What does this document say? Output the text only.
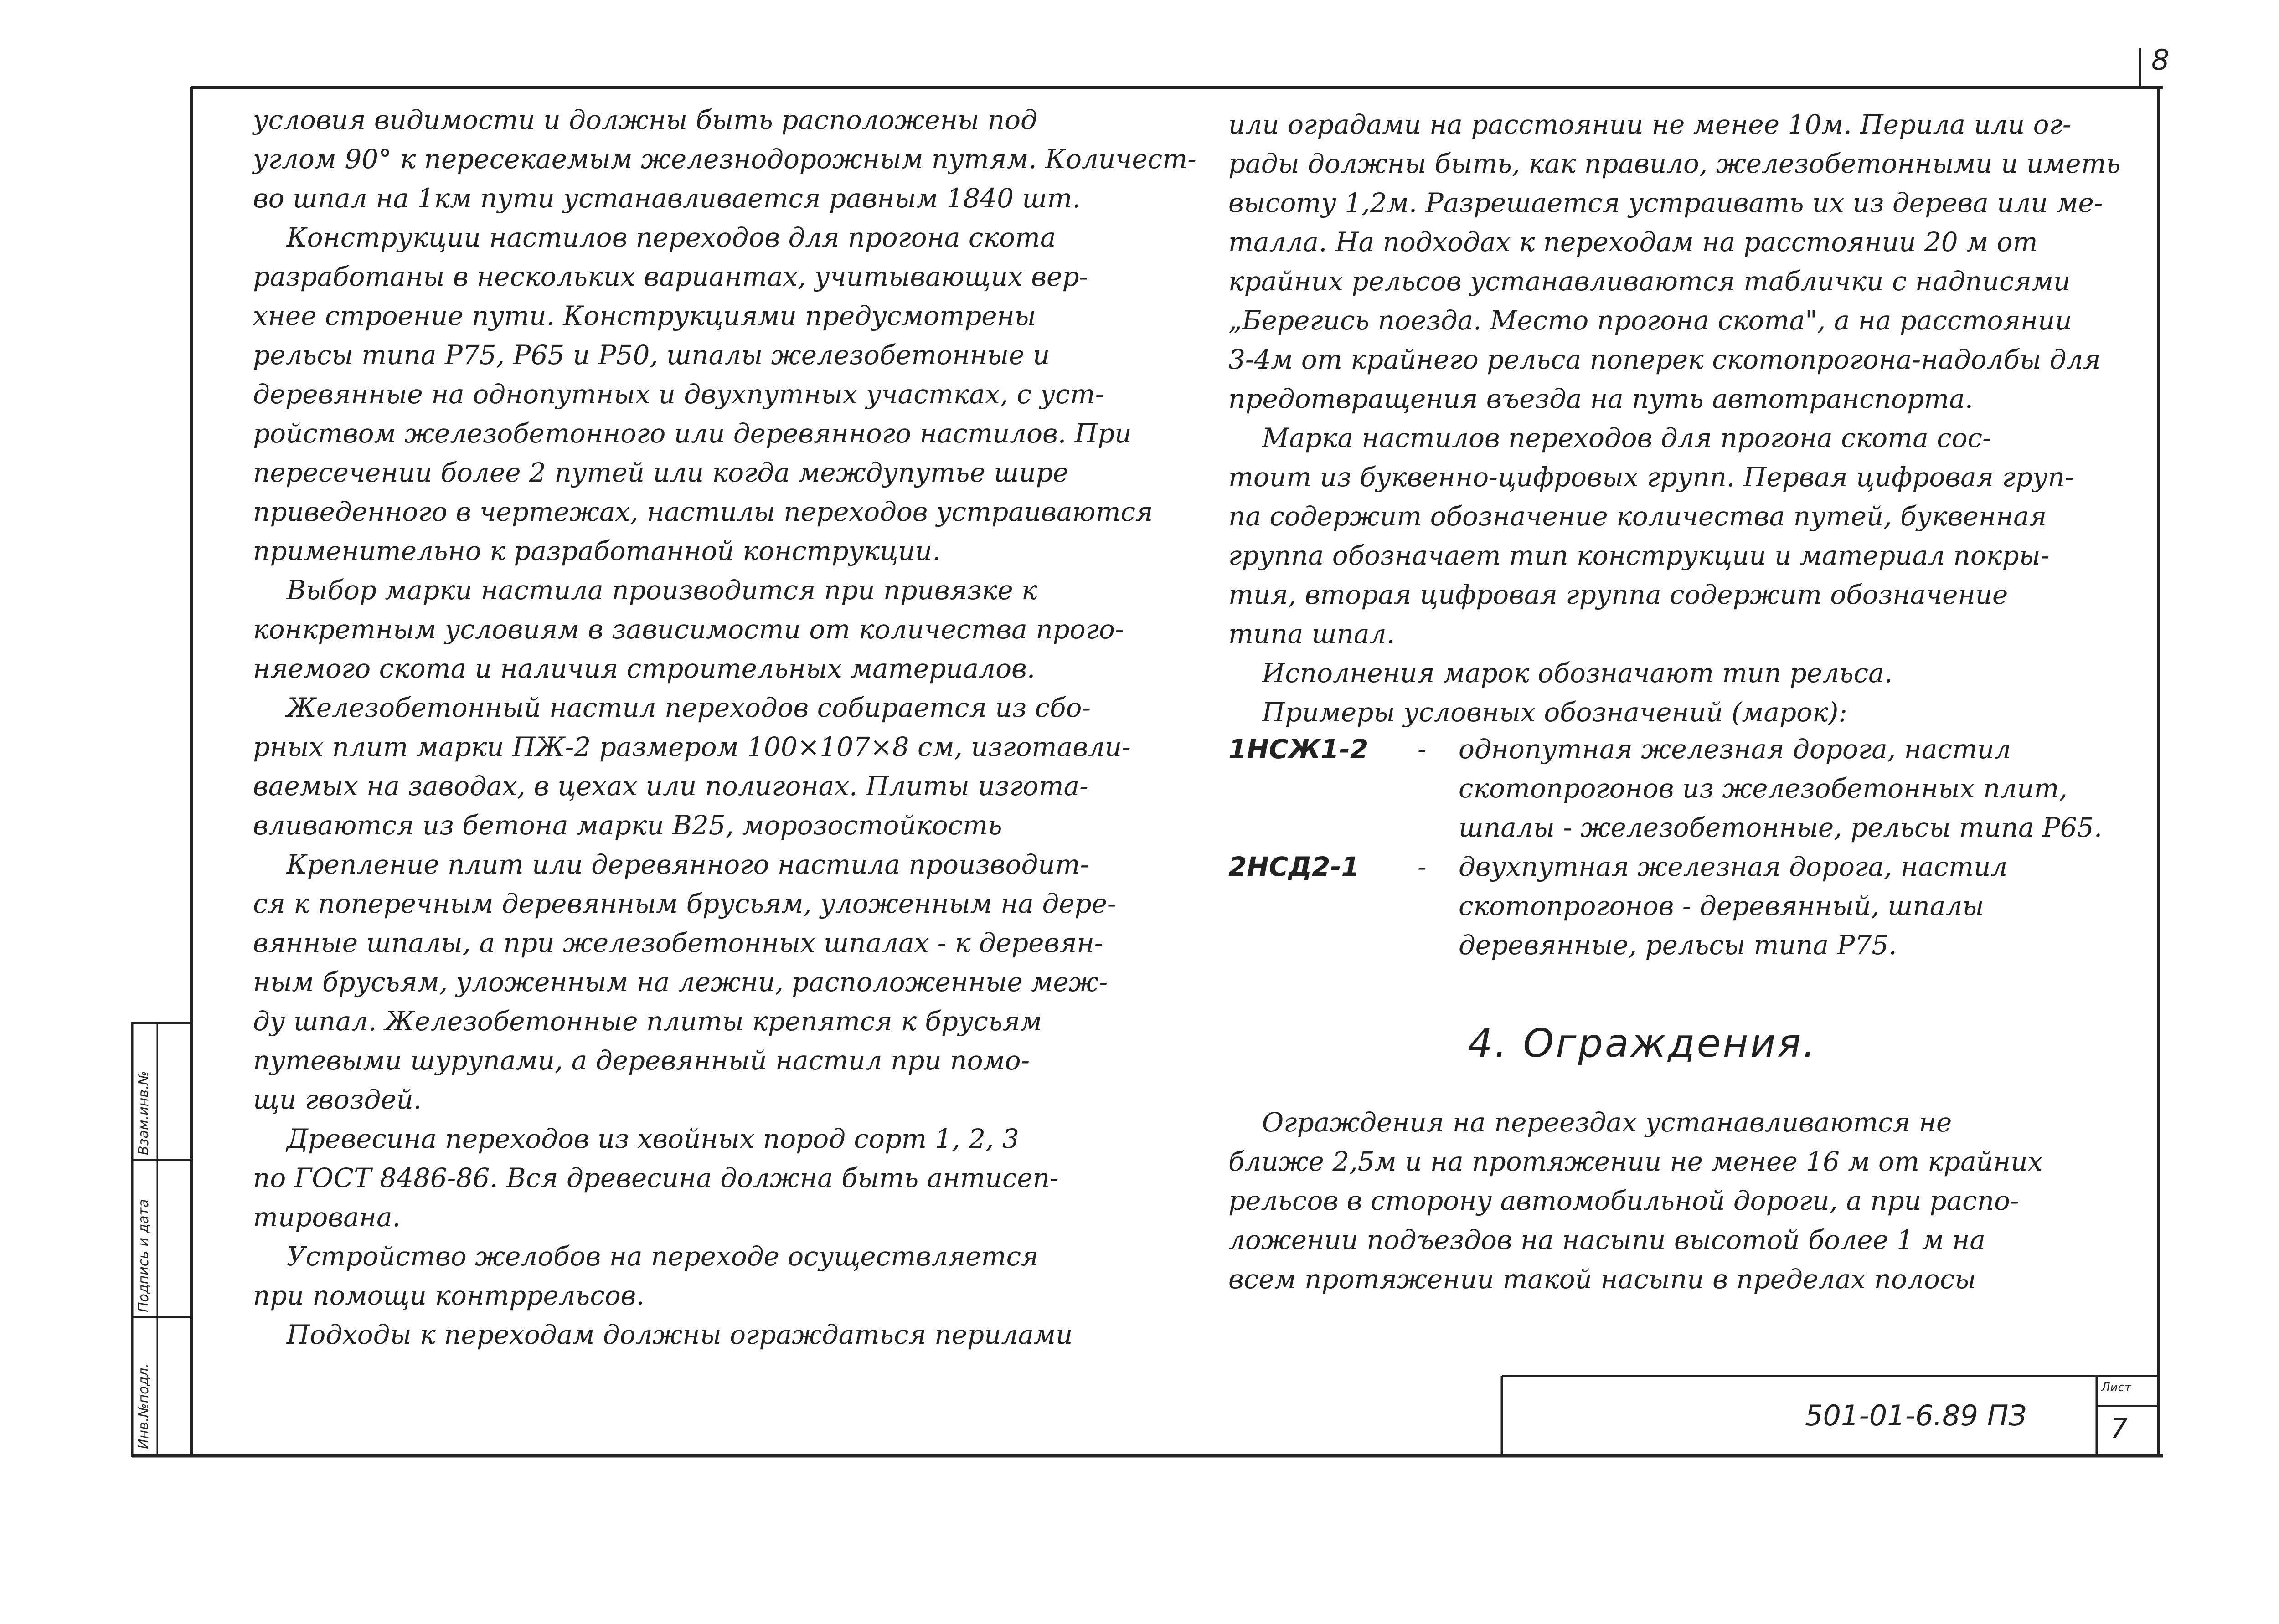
8
Инв.№подл.
Подпись и дата
Взам.инв.№
условия видимости и должны быть расположены под
углом 90° к пересекаемым железнодорожным путям. Количест-
во шпал на 1км пути устанавливается равным 1840 шт.
Конструкции настилов переходов для прогона скота
разработаны в нескольких вариантах, учитывающих вер-
хнее строение пути. Конструкциями предусмотрены
рельсы типа Р75, Р65 и Р50, шпалы железобетонные и
деревянные на однопутных и двухпутных участках, с уст-
ройством железобетонного или деревянного настилов. При
пересечении более 2 путей или когда междупутье шире
приведенного в чертежах, настилы переходов устраиваются
применительно к разработанной конструкции.
Выбор марки настила производится при привязке к
конкретным условиям в зависимости от количества прого-
няемого скота и наличия строительных материалов.
Железобетонный настил переходов собирается из сбо-
рных плит марки ПЖ-2 размером 100×107×8 см, изготавли-
ваемых на заводах, в цехах или полигонах. Плиты изгота-
вливаются из бетона марки В25, морозостойкость
Крепление плит или деревянного настила производит-
ся к поперечным деревянным брусьям, уложенным на дере-
вянные шпалы, а при железобетонных шпалах - к деревян-
ным брусьям, уложенным на лежни, расположенные меж-
ду шпал. Железобетонные плиты крепятся к брусьям
путевыми шурупами, а деревянный настил при помо-
щи гвоздей.
Древесина переходов из хвойных пород сорт 1, 2, 3
по ГОСТ 8486-86. Вся древесина должна быть антисеп-
тирована.
Устройство желобов на переходе осуществляется
при помощи контррельсов.
Подходы к переходам должны ограждаться перилами
или оградами на расстоянии не менее 10м. Перила или ог-
рады должны быть, как правило, железобетонными и иметь
высоту 1,2м. Разрешается устраивать их из дерева или ме-
талла. На подходах к переходам на расстоянии 20 м от
крайних рельсов устанавливаются таблички с надписями
„Берегись поезда. Место прогона скота", а на расстоянии
3-4м от крайнего рельса поперек скотопрогона-надолбы для
предотвращения въезда на путь автотранспорта.
Марка настилов переходов для прогона скота сос-
тоит из буквенно-цифровых групп. Первая цифровая груп-
па содержит обозначение количества путей, буквенная
группа обозначает тип конструкции и материал покры-
тия, вторая цифровая группа содержит обозначение
типа шпал.
Исполнения марок обозначают тип рельса.
Примеры условных обозначений (марок):
1НСЖ1-2 - однопутная железная дорога, настил
скотопрогонов из железобетонных плит,
шпалы - железобетонные, рельсы типа Р65.
2НСД2-1 - двухпутная железная дорога, настил
скотопрогонов - деревянный, шпалы
деревянные, рельсы типа Р75.
4. Ограждения.
Ограждения на переездах устанавливаются не
ближе 2,5м и на протяжении не менее 16 м от крайних
рельсов в сторону автомобильной дороги, а при распо-
ложении подъездов на насыпи высотой более 1 м на
всем протяжении такой насыпи в пределах полосы
501-01-6.89 ПЗ
Лист
7
